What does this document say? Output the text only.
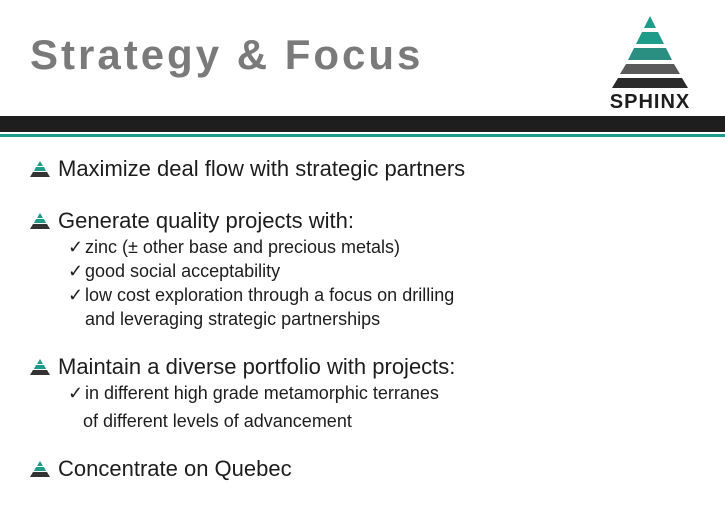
Strategy & Focus
SPHINX
Maximize deal flow with strategic partners
Generate quality projects with:
✓ zinc (± other base and precious metals)
✓ good social acceptability
✓ low cost exploration through a focus on drilling
and leveraging strategic partnerships
Maintain a diverse portfolio with projects:
✓ in different high grade metamorphic terranes
of different levels of advancement
Concentrate on Quebec
